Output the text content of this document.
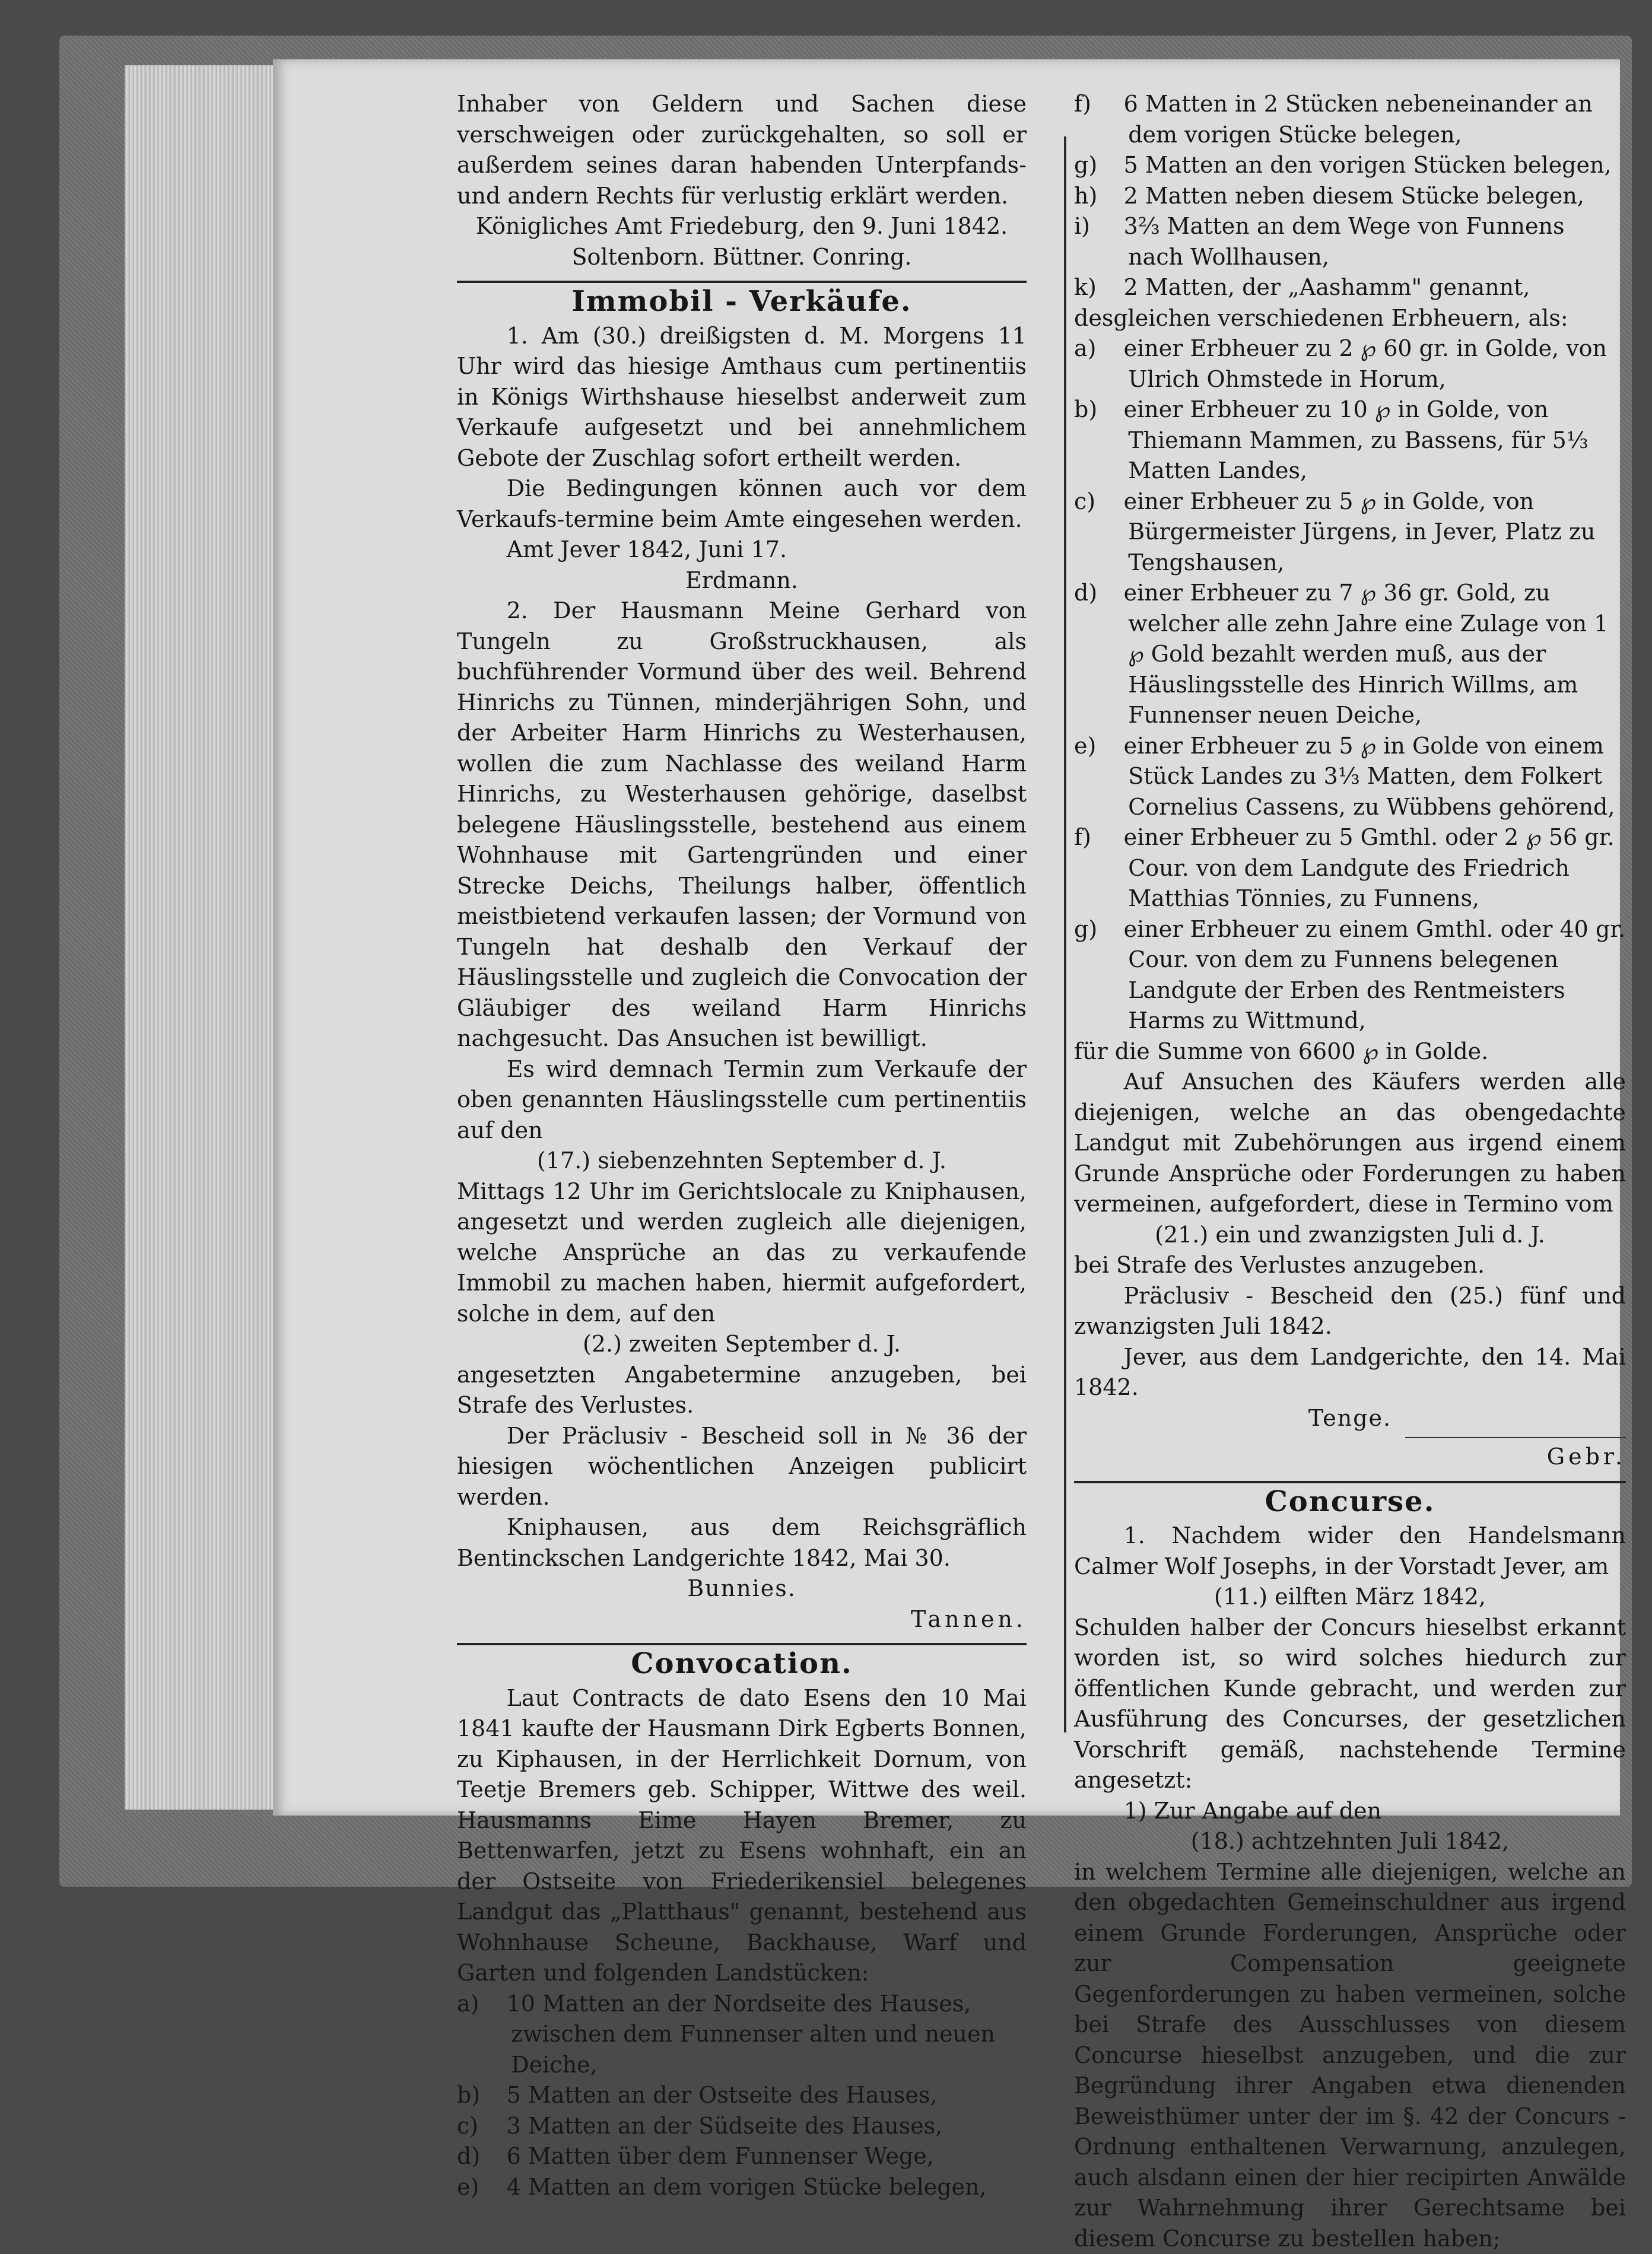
Inhaber von Geldern und Sachen diese verschweigen oder zurückgehalten, so soll er außerdem seines daran habenden Unterpfands- und andern Rechts für verlustig erklärt werden.

Königliches Amt Friedeburg, den 9. Juni 1842.

Soltenborn. Büttner. Conring.

Immobil - Verkäufe.

1. Am (30.) dreißigsten d. M. Morgens 11 Uhr wird das hiesige Amthaus cum pertinentiis in Königs Wirthshause hieselbst anderweit zum Verkaufe aufgesetzt und bei annehmlichem Gebote der Zuschlag sofort ertheilt werden.

Die Bedingungen können auch vor dem Verkaufs-termine beim Amte eingesehen werden.

Amt Jever 1842, Juni 17.

Erdmann.

2. Der Hausmann Meine Gerhard von Tungeln zu Großstruckhausen, als buchführender Vormund über des weil. Behrend Hinrichs zu Tünnen, minderjährigen Sohn, und der Arbeiter Harm Hinrichs zu Westerhausen, wollen die zum Nachlasse des weiland Harm Hinrichs, zu Westerhausen gehörige, daselbst belegene Häuslingsstelle, bestehend aus einem Wohnhause mit Gartengründen und einer Strecke Deichs, Theilungs halber, öffentlich meistbietend verkaufen lassen; der Vormund von Tungeln hat deshalb den Verkauf der Häuslingsstelle und zugleich die Convocation der Gläubiger des weiland Harm Hinrichs nachgesucht. Das Ansuchen ist bewilligt.

Es wird demnach Termin zum Verkaufe der oben genannten Häuslingsstelle cum pertinentiis auf den

(17.) siebenzehnten September d. J.

Mittags 12 Uhr im Gerichtslocale zu Kniphausen, angesetzt und werden zugleich alle diejenigen, welche Ansprüche an das zu verkaufende Immobil zu machen haben, hiermit aufgefordert, solche in dem, auf den

(2.) zweiten September d. J.

angesetzten Angabetermine anzugeben, bei Strafe des Verlustes.

Der Präclusiv - Bescheid soll in № 36 der hiesigen wöchentlichen Anzeigen publicirt werden.

Kniphausen, aus dem Reichsgräflich Bentinckschen Landgerichte 1842, Mai 30.

Bunnies.

Tannen.

Convocation.

Laut Contracts de dato Esens den 10 Mai 1841 kaufte der Hausmann Dirk Egberts Bonnen, zu Kiphausen, in der Herrlichkeit Dornum, von Teetje Bremers geb. Schipper, Wittwe des weil. Hausmanns Eime Hayen Bremer, zu Bettenwarfen, jetzt zu Esens wohnhaft, ein an der Ostseite von Friederikensiel belegenes Landgut das „Platthaus" genannt, bestehend aus Wohnhause Scheune, Backhause, Warf und Garten und folgenden Landstücken:

a) 10 Matten an der Nordseite des Hauses, zwischen dem Funnenser alten und neuen Deiche,

b) 5 Matten an der Ostseite des Hauses,

c) 3 Matten an der Südseite des Hauses,

d) 6 Matten über dem Funnenser Wege,

e) 4 Matten an dem vorigen Stücke belegen,

f) 6 Matten in 2 Stücken nebeneinander an dem vorigen Stücke belegen,

g) 5 Matten an den vorigen Stücken belegen,

h) 2 Matten neben diesem Stücke belegen,

i) 3⅔ Matten an dem Wege von Funnens nach Wollhausen,

k) 2 Matten, der „Aashamm" genannt,

desgleichen verschiedenen Erbheuern, als:

a) einer Erbheuer zu 2 ℘ 60 gr. in Golde, von Ulrich Ohmstede in Horum,

b) einer Erbheuer zu 10 ℘ in Golde, von Thiemann Mammen, zu Bassens, für 5⅓ Matten Landes,

c) einer Erbheuer zu 5 ℘ in Golde, von Bürgermeister Jürgens, in Jever, Platz zu Tengshausen,

d) einer Erbheuer zu 7 ℘ 36 gr. Gold, zu welcher alle zehn Jahre eine Zulage von 1 ℘ Gold bezahlt werden muß, aus der Häuslingsstelle des Hinrich Willms, am Funnenser neuen Deiche,

e) einer Erbheuer zu 5 ℘ in Golde von einem Stück Landes zu 3⅓ Matten, dem Folkert Cornelius Cassens, zu Wübbens gehörend,

f) einer Erbheuer zu 5 Gmthl. oder 2 ℘ 56 gr. Cour. von dem Landgute des Friedrich Matthias Tönnies, zu Funnens,

g) einer Erbheuer zu einem Gmthl. oder 40 gr. Cour. von dem zu Funnens belegenen Landgute der Erben des Rentmeisters Harms zu Wittmund,

für die Summe von 6600 ℘ in Golde.

Auf Ansuchen des Käufers werden alle diejenigen, welche an das obengedachte Landgut mit Zubehörungen aus irgend einem Grunde Ansprüche oder Forderungen zu haben vermeinen, aufgefordert, diese in Termino vom

(21.) ein und zwanzigsten Juli d. J.

bei Strafe des Verlustes anzugeben.

Präclusiv - Bescheid den (25.) fünf und zwanzigsten Juli 1842.

Jever, aus dem Landgerichte, den 14. Mai 1842.

Tenge.

Gebr.

Concurse.

1. Nachdem wider den Handelsmann Calmer Wolf Josephs, in der Vorstadt Jever, am

(11.) eilften März 1842,

Schulden halber der Concurs hieselbst erkannt worden ist, so wird solches hiedurch zur öffentlichen Kunde gebracht, und werden zur Ausführung des Concurses, der gesetzlichen Vorschrift gemäß, nachstehende Termine angesetzt:

1) Zur Angabe auf den

(18.) achtzehnten Juli 1842,

in welchem Termine alle diejenigen, welche an den obgedachten Gemeinschuldner aus irgend einem Grunde Forderungen, Ansprüche oder zur Compensation geeignete Gegenforderungen zu haben vermeinen, solche bei Strafe des Ausschlusses von diesem Concurse hieselbst anzugeben, und die zur Begründung ihrer Angaben etwa dienenden Beweisthümer unter der im §. 42 der Concurs - Ordnung enthaltenen Verwarnung, anzulegen, auch alsdann einen der hier recipirten Anwälde zur Wahrnehmung ihrer Gerechtsame bei diesem Concurse zu bestellen haben;
